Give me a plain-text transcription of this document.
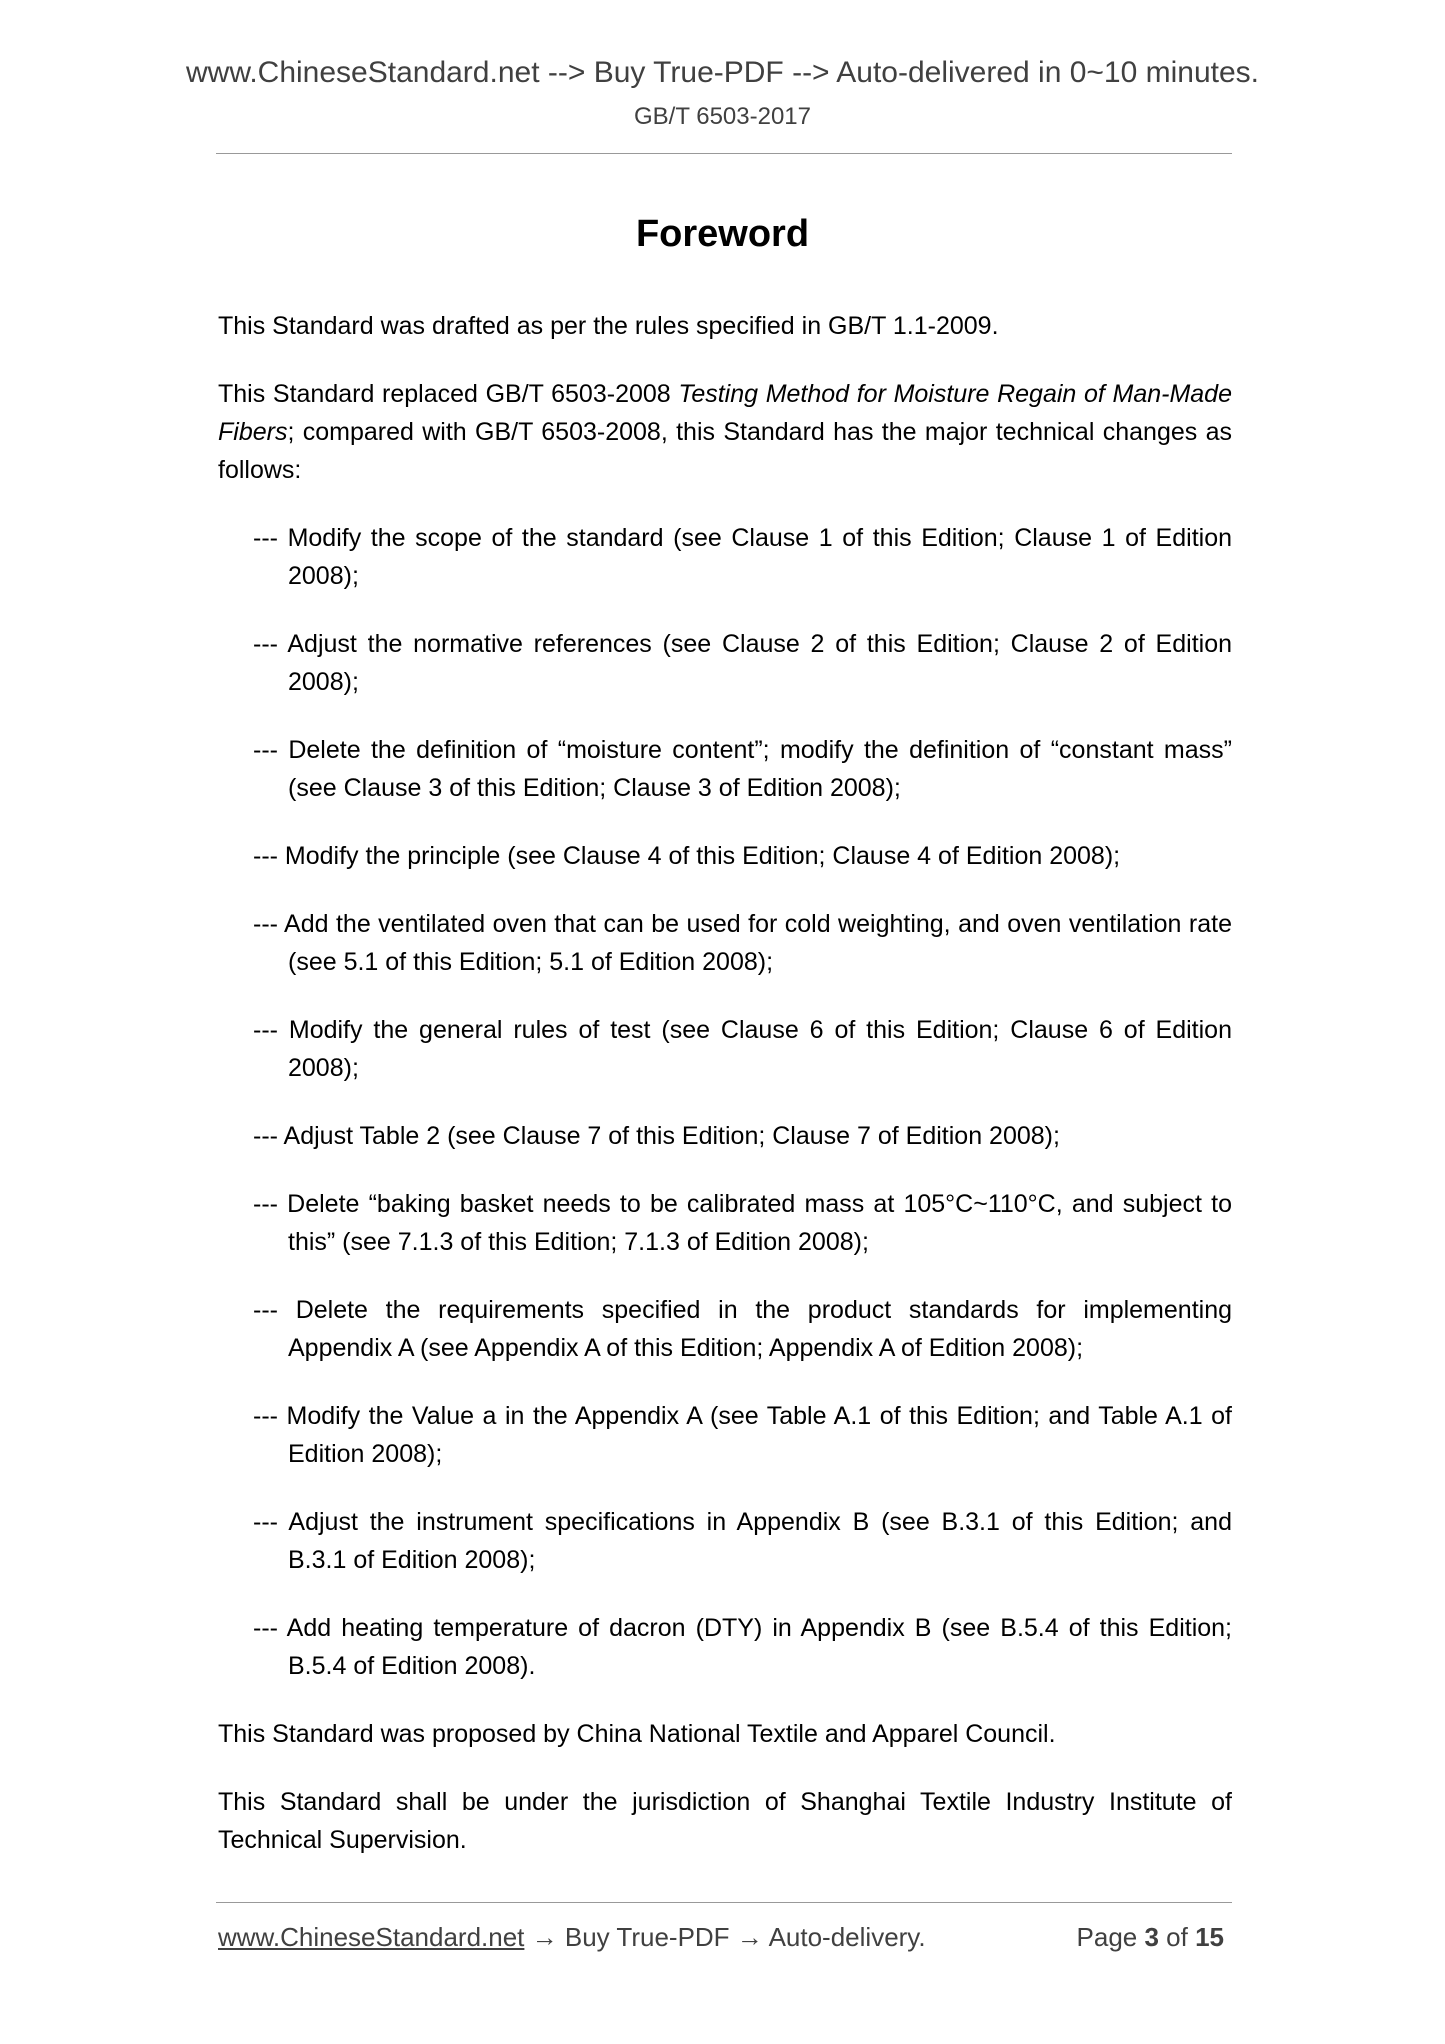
www.ChineseStandard.net --> Buy True-PDF --> Auto-delivered in 0~10 minutes.
GB/T 6503-2017
Foreword

This Standard was drafted as per the rules specified in GB/T 1.1-2009.

This Standard replaced GB/T 6503-2008 Testing Method for Moisture Regain of Man-Made Fibers; compared with GB/T 6503-2008, this Standard has the major technical changes as follows:

--- Modify the scope of the standard (see Clause 1 of this Edition; Clause 1 of Edition 2008);

--- Adjust the normative references (see Clause 2 of this Edition; Clause 2 of Edition 2008);

--- Delete the definition of “moisture content”; modify the definition of “constant mass” (see Clause 3 of this Edition; Clause 3 of Edition 2008);

--- Modify the principle (see Clause 4 of this Edition; Clause 4 of Edition 2008);

--- Add the ventilated oven that can be used for cold weighting, and oven ventilation rate (see 5.1 of this Edition; 5.1 of Edition 2008);

--- Modify the general rules of test (see Clause 6 of this Edition; Clause 6 of Edition 2008);

--- Adjust Table 2 (see Clause 7 of this Edition; Clause 7 of Edition 2008);

--- Delete “baking basket needs to be calibrated mass at 105°C~110°C, and subject to this” (see 7.1.3 of this Edition; 7.1.3 of Edition 2008);

--- Delete the requirements specified in the product standards for implementing Appendix A (see Appendix A of this Edition; Appendix A of Edition 2008);

--- Modify the Value a in the Appendix A (see Table A.1 of this Edition; and Table A.1 of Edition 2008);

--- Adjust the instrument specifications in Appendix B (see B.3.1 of this Edition; and B.3.1 of Edition 2008);

--- Add heating temperature of dacron (DTY) in Appendix B (see B.5.4 of this Edition; B.5.4 of Edition 2008).

This Standard was proposed by China National Textile and Apparel Council.

This Standard shall be under the jurisdiction of Shanghai Textile Industry Institute of Technical Supervision.

www.ChineseStandard.net → Buy True-PDF → Auto-delivery.	Page 3 of 15
